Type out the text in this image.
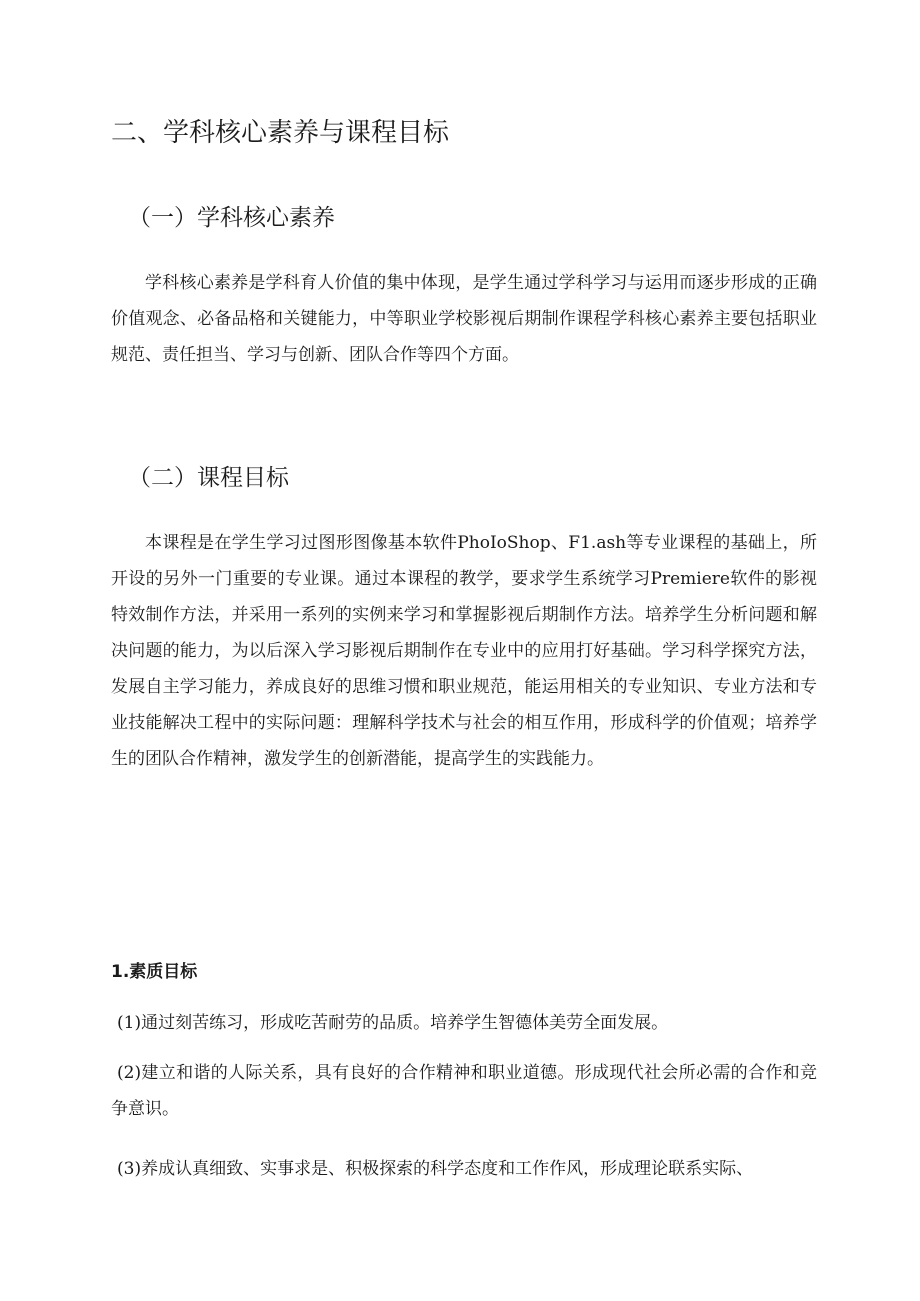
二、学科核心素养与课程目标
（一）学科核心素养

学科核心素养是学科育人价值的集中体现，是学生通过学科学习与运用而逐步形成的正确价值观念、必备品格和关键能力，中等职业学校影视后期制作课程学科核心素养主要包括职业规范、责任担当、学习与创新、团队合作等四个方面。

（二）课程目标

本课程是在学生学习过图形图像基本软件PhoIoShop、F1.ash等专业课程的基础上，所开设的另外一门重要的专业课。通过本课程的教学，要求学生系统学习Premiere软件的影视特效制作方法，并采用一系列的实例来学习和掌握影视后期制作方法。培养学生分析问题和解决问题的能力，为以后深入学习影视后期制作在专业中的应用打好基础。学习科学探究方法，发展自主学习能力，养成良好的思维习惯和职业规范，能运用相关的专业知识、专业方法和专业技能解决工程中的实际问题：理解科学技术与社会的相互作用，形成科学的价值观；培养学生的团队合作精神，激发学生的创新潜能，提高学生的实践能力。

1.素质目标

(1)通过刻苦练习，形成吃苦耐劳的品质。培养学生智德体美劳全面发展。

(2)建立和谐的人际关系，具有良好的合作精神和职业道德。形成现代社会所必需的合作和竞争意识。

(3)养成认真细致、实事求是、积极探索的科学态度和工作作风，形成理论联系实际、
